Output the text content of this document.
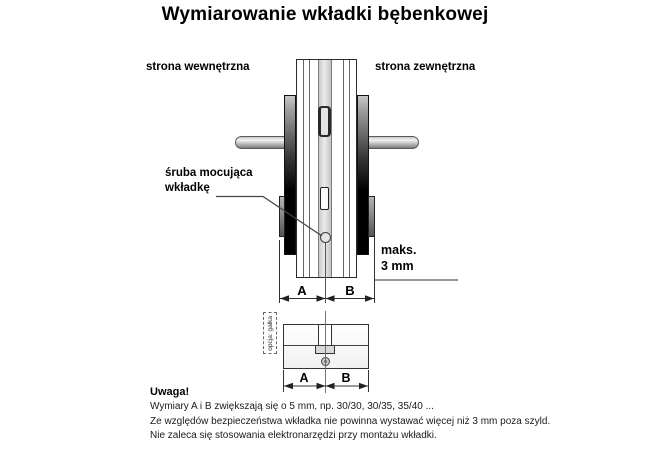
Wymiarowanie wkładki bębenkowej
strona wewnętrzna	strona zewnętrzna
śruba mocująca
wkładkę
maks.
3 mm
A	B
opcja: gałka
A	B
Uwaga!

Wymiary A i B zwiększają się o 5 mm, np. 30/30, 30/35, 35/40 ...

Ze względów bezpieczeństwa wkładka nie powinna wystawać więcej niż 3 mm poza szyld.

Nie zaleca się stosowania elektronarzędzi przy montażu wkładki.
